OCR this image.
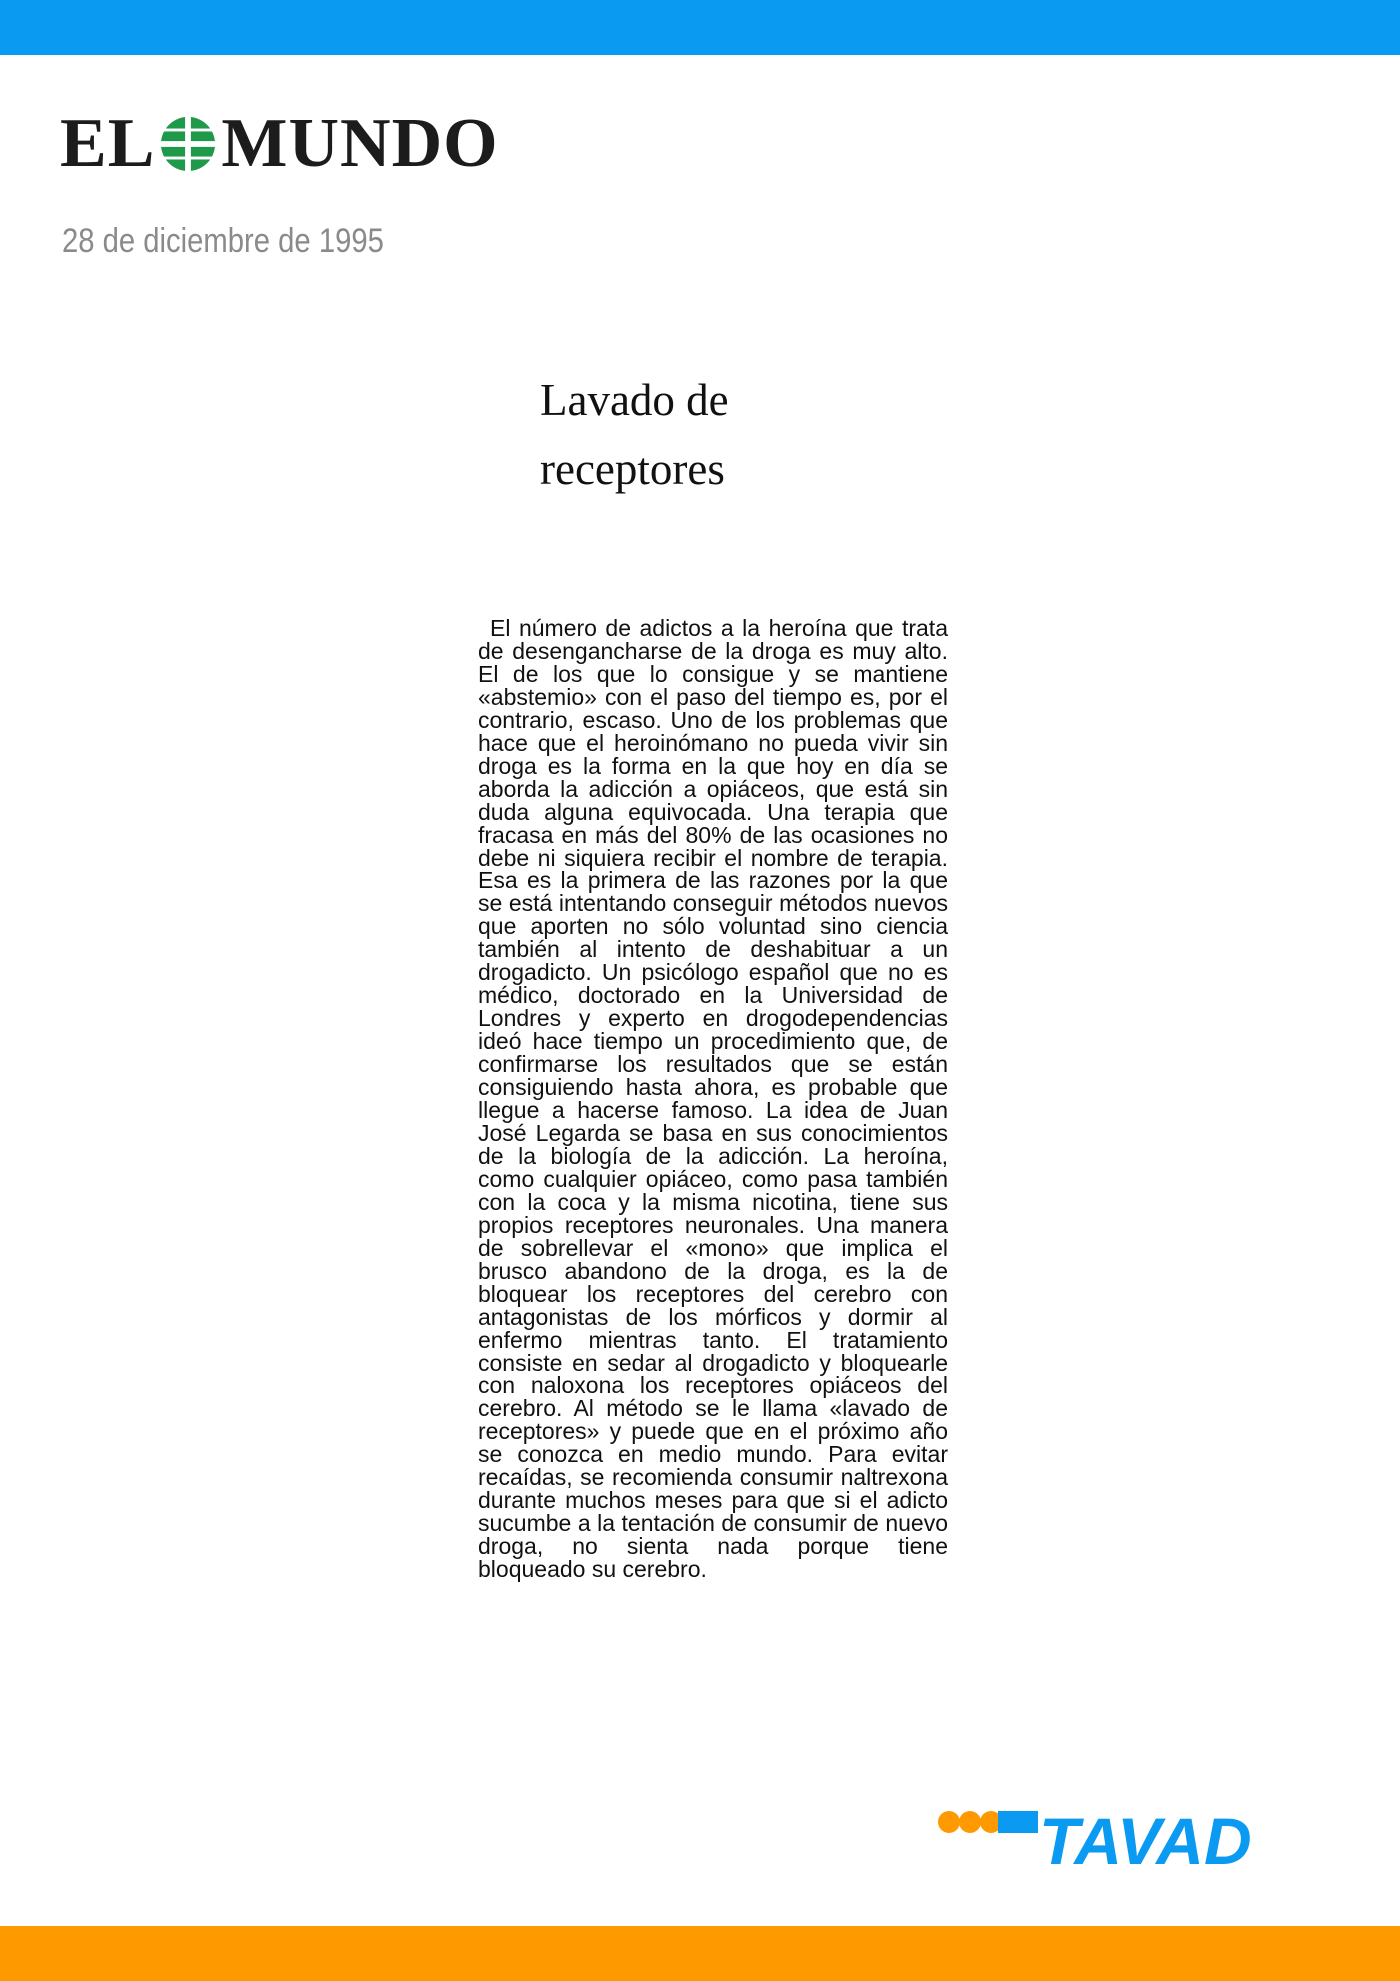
EL MUNDO
28 de diciembre de 1995
Lavado de receptores

El número de adictos a la heroína que trata de desengancharse de la droga es muy alto. El de los que lo consigue y se mantiene «abstemio» con el paso del tiempo es, por el contrario, escaso. Uno de los problemas que hace que el heroinómano no pueda vivir sin droga es la forma en la que hoy en día se aborda la adicción a opiáceos, que está sin duda alguna equivocada. Una terapia que fracasa en más del 80% de las ocasiones no debe ni siquiera recibir el nombre de terapia. Esa es la primera de las razones por la que se está intentando conseguir métodos nuevos que aporten no sólo voluntad sino ciencia también al intento de deshabituar a un drogadicto. Un psicólogo español que no es médico, doctorado en la Universidad de Londres y experto en drogodependencias ideó hace tiempo un procedimiento que, de confirmarse los resultados que se están consiguiendo hasta ahora, es probable que llegue a hacerse famoso. La idea de Juan José Legarda se basa en sus conocimientos de la biología de la adicción. La heroína, como cualquier opiáceo, como pasa también con la coca y la misma nicotina, tiene sus propios receptores neuronales. Una manera de sobrellevar el «mono» que implica el brusco abandono de la droga, es la de bloquear los receptores del cerebro con antagonistas de los mórficos y dormir al enfermo mientras tanto. El tratamiento consiste en sedar al drogadicto y bloquearle con naloxona los receptores opiáceos del cerebro. Al método se le llama «lavado de receptores» y puede que en el próximo año se conozca en medio mundo. Para evitar recaídas, se recomienda consumir naltrexona durante muchos meses para que si el adicto sucumbe a la tentación de consumir de nuevo droga, no sienta nada porque tiene bloqueado su cerebro.

TAVAD
